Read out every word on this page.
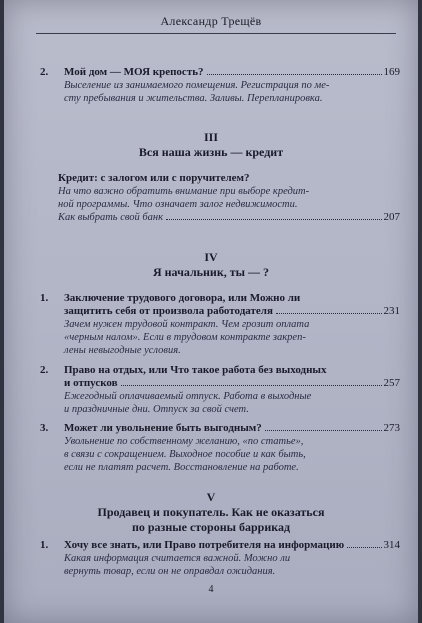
Александр Трещёв
2. Мой дом — МОЯ крепость?	169
Выселение из занимаемого помещения. Регистрация по ме-
сту пребывания и жительства. Заливы. Перепланировка.
III
Вся наша жизнь — кредит
Кредит: с залогом или с поручителем?
На что важно обратить внимание при выборе кредит-
ной программы. Что означает залог недвижимости.
Как выбрать свой банк	207
IV
Я начальник, ты — ?
1. Заключение трудового договора, или Можно ли
защитить себя от произвола работодателя	231
Зачем нужен трудовой контракт. Чем грозит оплата
«черным налом». Если в трудовом контракте закреп-
лены невыгодные условия.
2. Право на отдых, или Что такое работа без выходных
и отпусков	257
Ежегодный оплачиваемый отпуск. Работа в выходные
и праздничные дни. Отпуск за свой счет.
3. Может ли увольнение быть выгодным?	273
Увольнение по собственному желанию, «по статье»,
в связи с сокращением. Выходное пособие и как быть,
если не платят расчет. Восстановление на работе.
V
Продавец и покупатель. Как не оказаться
по разные стороны баррикад
1. Хочу все знать, или Право потребителя на информацию	314
Какая информация считается важной. Можно ли
вернуть товар, если он не оправдал ожидания.
4
